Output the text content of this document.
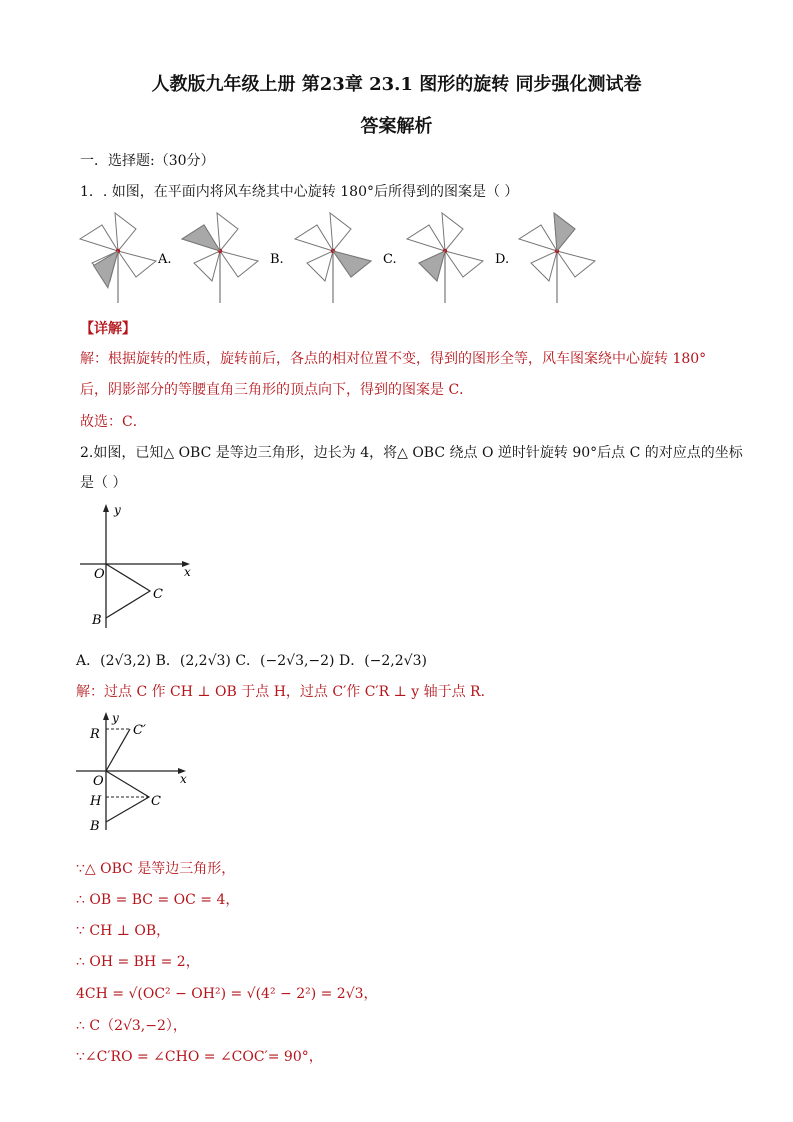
人教版九年级上册 第23章 23.1 图形的旋转 同步强化测试卷
答案解析
一．选择题:（30分）
1．. 如图，在平面内将风车绕其中心旋转 180°后所得到的图案是（ ）
A.	B.	C.	D.
【详解】
解：根据旋转的性质，旋转前后，各点的相对位置不变，得到的图形全等，风车图案绕中心旋转 180°
后，阴影部分的等腰直角三角形的顶点向下，得到的图案是 C．
故选：C．
2.如图，已知△ OBC 是等边三角形，边长为 4，将△ OBC 绕点 O 逆时针旋转 90°后点 C 的对应点的坐标
是（ ）
y
x
O
C
B
A．(2√3,2) B．(2,2√3) C．(−2√3,−2) D．(−2,2√3)
解：过点 C 作 CH ⊥ OB 于点 H，过点 C′作 C′R ⊥ y 轴于点 R．
y
x
R	C′
O
H	C
B
∵△ OBC 是等边三角形，
∴ OB = BC = OC = 4，
∵ CH ⊥ OB，
∴ OH = BH = 2，
4CH = √(OC² − OH²) = √(4² − 2²) = 2√3，
∴ C（2√3,−2），
∵∠C′RO = ∠CHO = ∠COC′= 90°，
